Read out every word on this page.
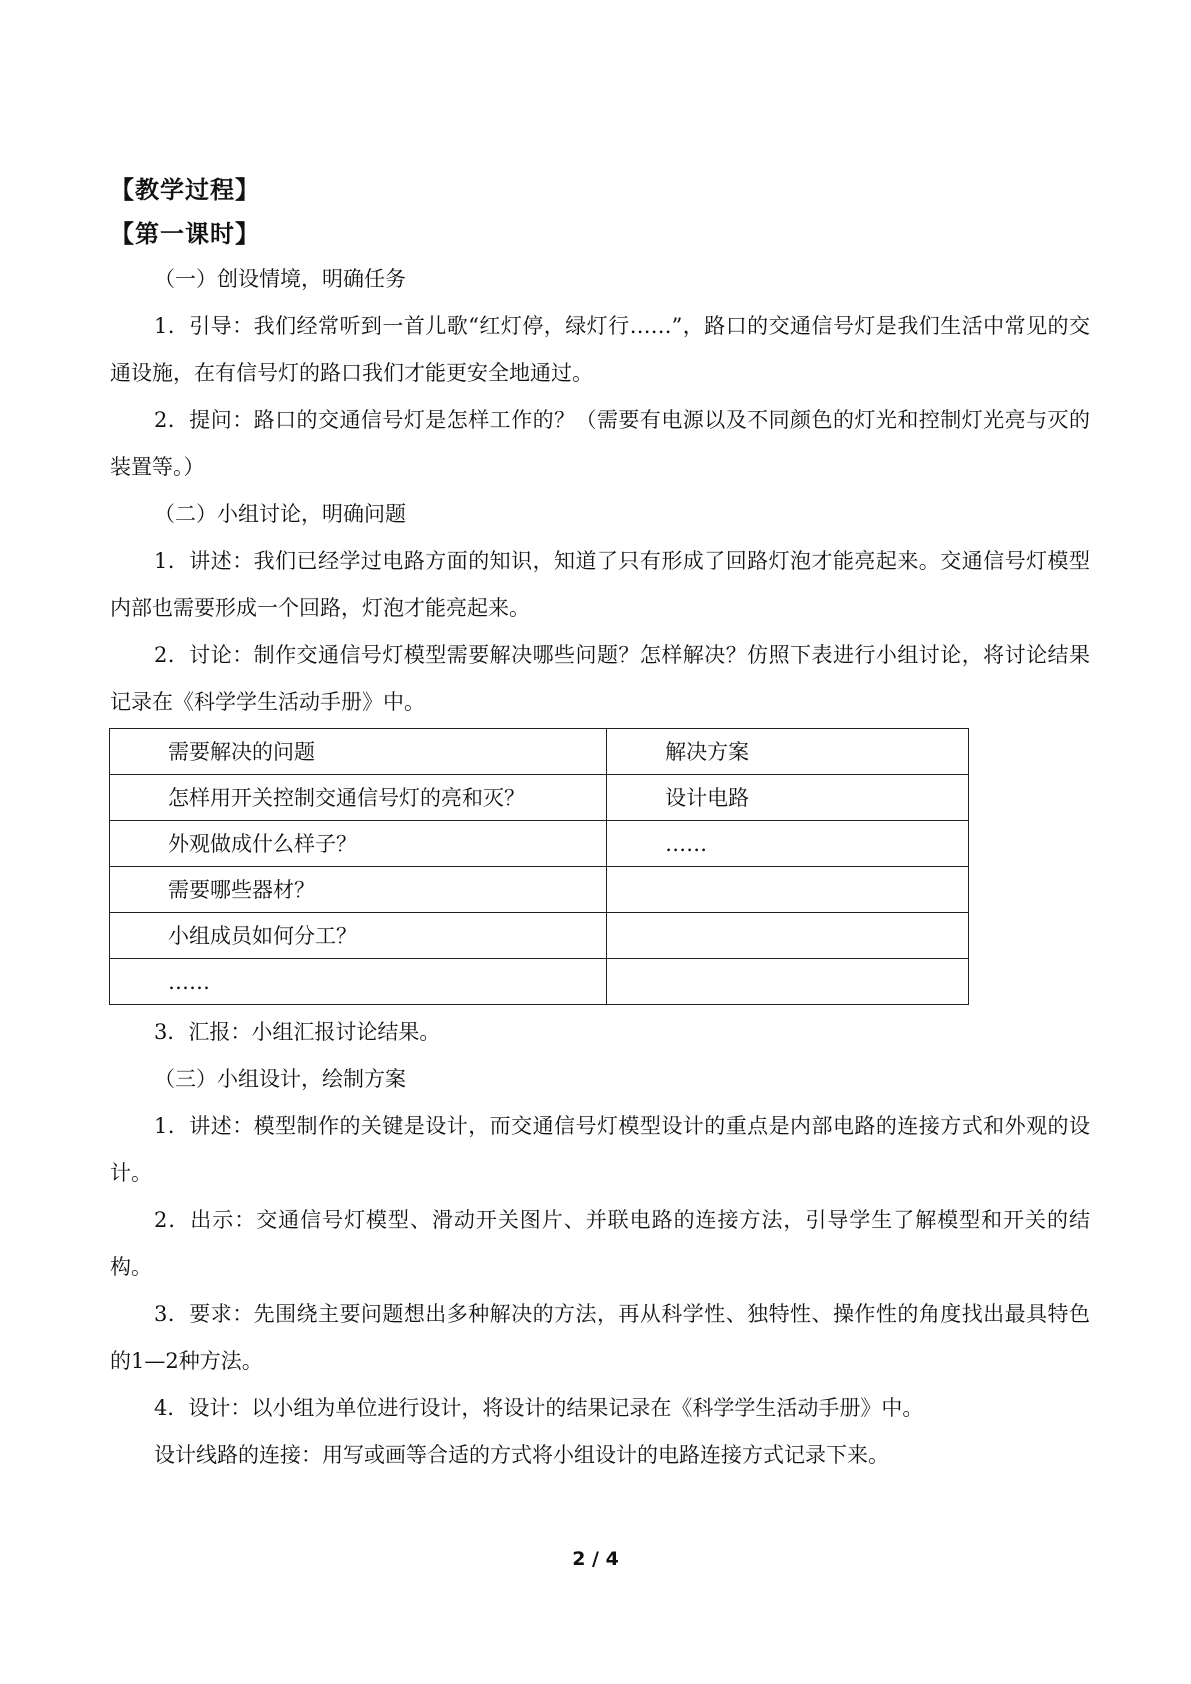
【教学过程】
【第一课时】
（一）创设情境，明确任务

1．引导：我们经常听到一首儿歌“红灯停，绿灯行……”，路口的交通信号灯是我们生活中常见的交通设施，在有信号灯的路口我们才能更安全地通过。

2．提问：路口的交通信号灯是怎样工作的？（需要有电源以及不同颜色的灯光和控制灯光亮与灭的装置等。）

（二）小组讨论，明确问题

1．讲述：我们已经学过电路方面的知识，知道了只有形成了回路灯泡才能亮起来。交通信号灯模型内部也需要形成一个回路，灯泡才能亮起来。

2．讨论：制作交通信号灯模型需要解决哪些问题？怎样解决？仿照下表进行小组讨论，将讨论结果记录在《科学学生活动手册》中。

需要解决的问题	解决方案
怎样用开关控制交通信号灯的亮和灭？	设计电路
外观做成什么样子？	……
需要哪些器材？	
小组成员如何分工？	
……	

3．汇报：小组汇报讨论结果。

（三）小组设计，绘制方案

1．讲述：模型制作的关键是设计，而交通信号灯模型设计的重点是内部电路的连接方式和外观的设计。

2．出示：交通信号灯模型、滑动开关图片、并联电路的连接方法，引导学生了解模型和开关的结构。

3．要求：先围绕主要问题想出多种解决的方法，再从科学性、独特性、操作性的角度找出最具特色的1—2种方法。

4．设计：以小组为单位进行设计，将设计的结果记录在《科学学生活动手册》中。

设计线路的连接：用写或画等合适的方式将小组设计的电路连接方式记录下来。

2 / 4
